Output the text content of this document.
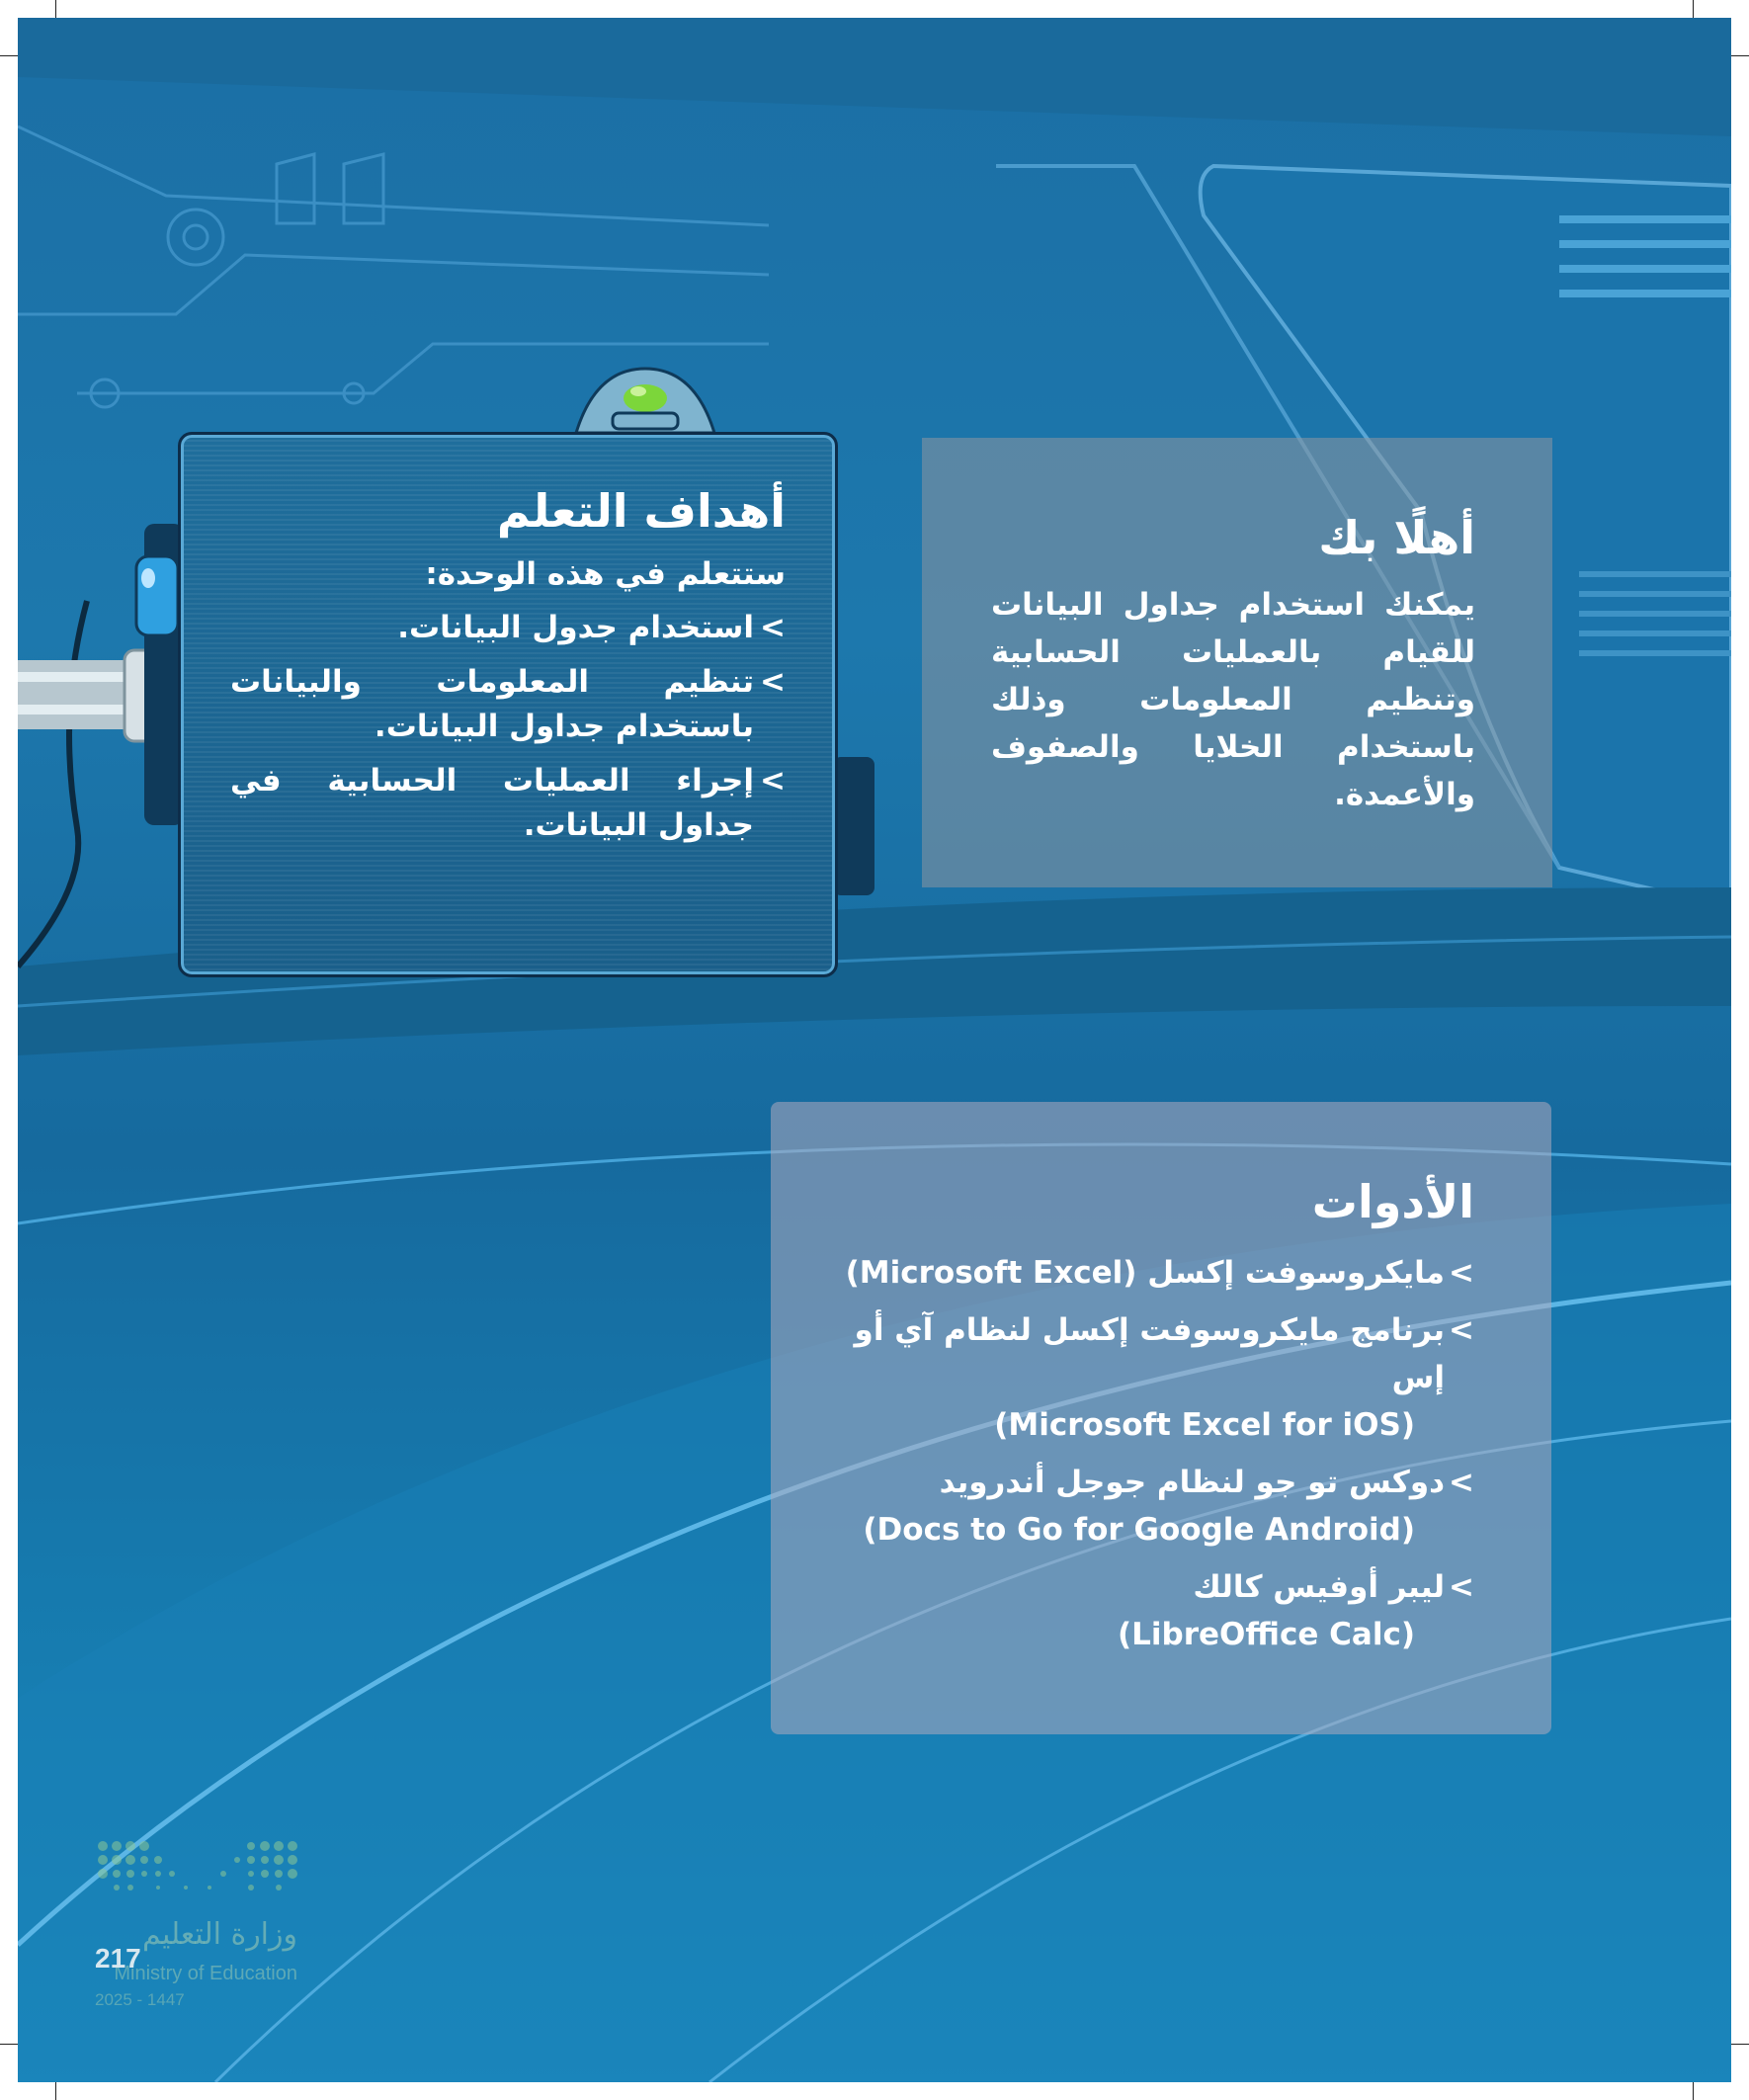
أهداف التعلم

ستتعلم في هذه الوحدة:

> استخدام جدول البيانات.
> تنظيم المعلومات والبيانات باستخدام جداول البيانات.
> إجراء العمليات الحسابية في جداول البيانات.
أهلًا بك

يمكنك استخدام جداول البيانات للقيام بالعمليات الحسابية وتنظيم المعلومات وذلك باستخدام الخلايا والصفوف والأعمدة.

الأدوات
> مايكروسوفت إكسل (Microsoft Excel)
> برنامج مايكروسوفت إكسل لنظام آي أو إس
(Microsoft Excel for iOS)
> دوكس تو جو لنظام جوجل أندرويد
(Docs to Go for Google Android)
> ليبر أوفيس كالك
(LibreOffice Calc)
وزارة التعليم
Ministry of Education
2025 - 1447
217
